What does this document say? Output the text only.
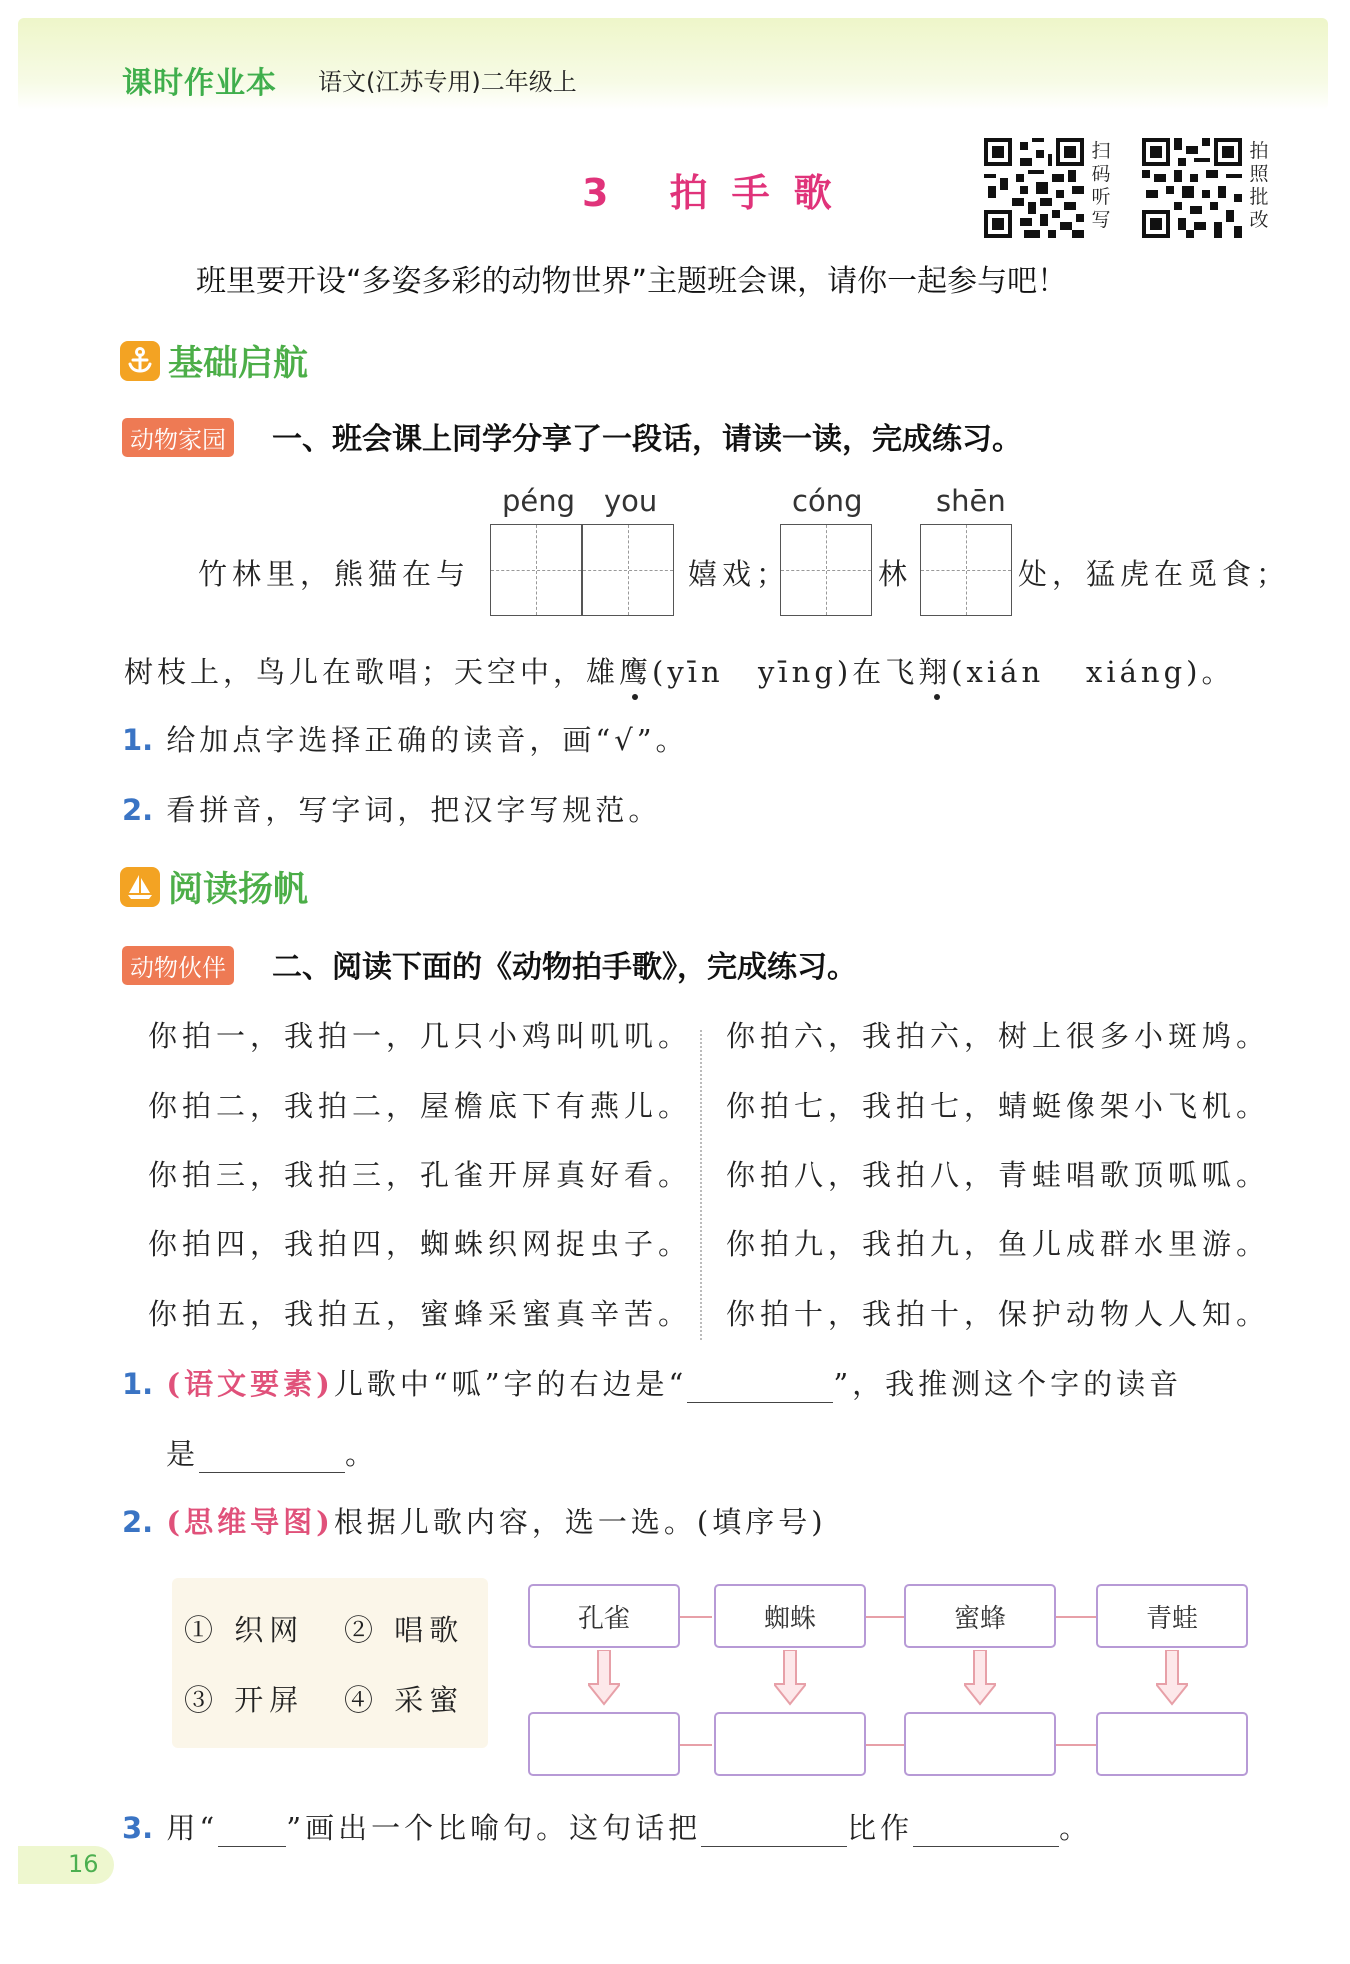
课时作业本 语文(江苏专用)二年级上
3 拍手歌
扫
码
听
写
拍
照
批
改
班里要开设“多姿多彩的动物世界”主题班会课，请你一起参与吧！
基础启航
动物家园 一、班会课上同学分享了一段话，请读一读，完成练习。
péng you	cóng	shēn
竹林里，熊猫在与	嬉戏；	林	处，猛虎在觅食；
树枝上，鸟儿在歌唱；天空中，雄鹰(yīn yīng)在飞翔(xián xiáng)。
1. 给加点字选择正确的读音，画“√”。
2. 看拼音，写字词，把汉字写规范。
阅读扬帆
动物伙伴 二、阅读下面的《动物拍手歌》，完成练习。
你拍一，我拍一，几只小鸡叫叽叽。
你拍二，我拍二，屋檐底下有燕儿。
你拍三，我拍三，孔雀开屏真好看。
你拍四，我拍四，蜘蛛织网捉虫子。
你拍五，我拍五，蜜蜂采蜜真辛苦。
你拍六，我拍六，树上很多小斑鸠。
你拍七，我拍七，蜻蜓像架小飞机。
你拍八，我拍八，青蛙唱歌顶呱呱。
你拍九，我拍九，鱼儿成群水里游。
你拍十，我拍十，保护动物人人知。
1. (语文要素)儿歌中“呱”字的右边是“	”，我推测这个字的读音
是	。
2. (思维导图)根据儿歌内容，选一选。(填序号)
① 织网 ② 唱歌
③ 开屏 ④ 采蜜
孔雀	蜘蛛	蜜蜂	青蛙
3. 用“ ”画出一个比喻句。这句话把	比作	。
16
